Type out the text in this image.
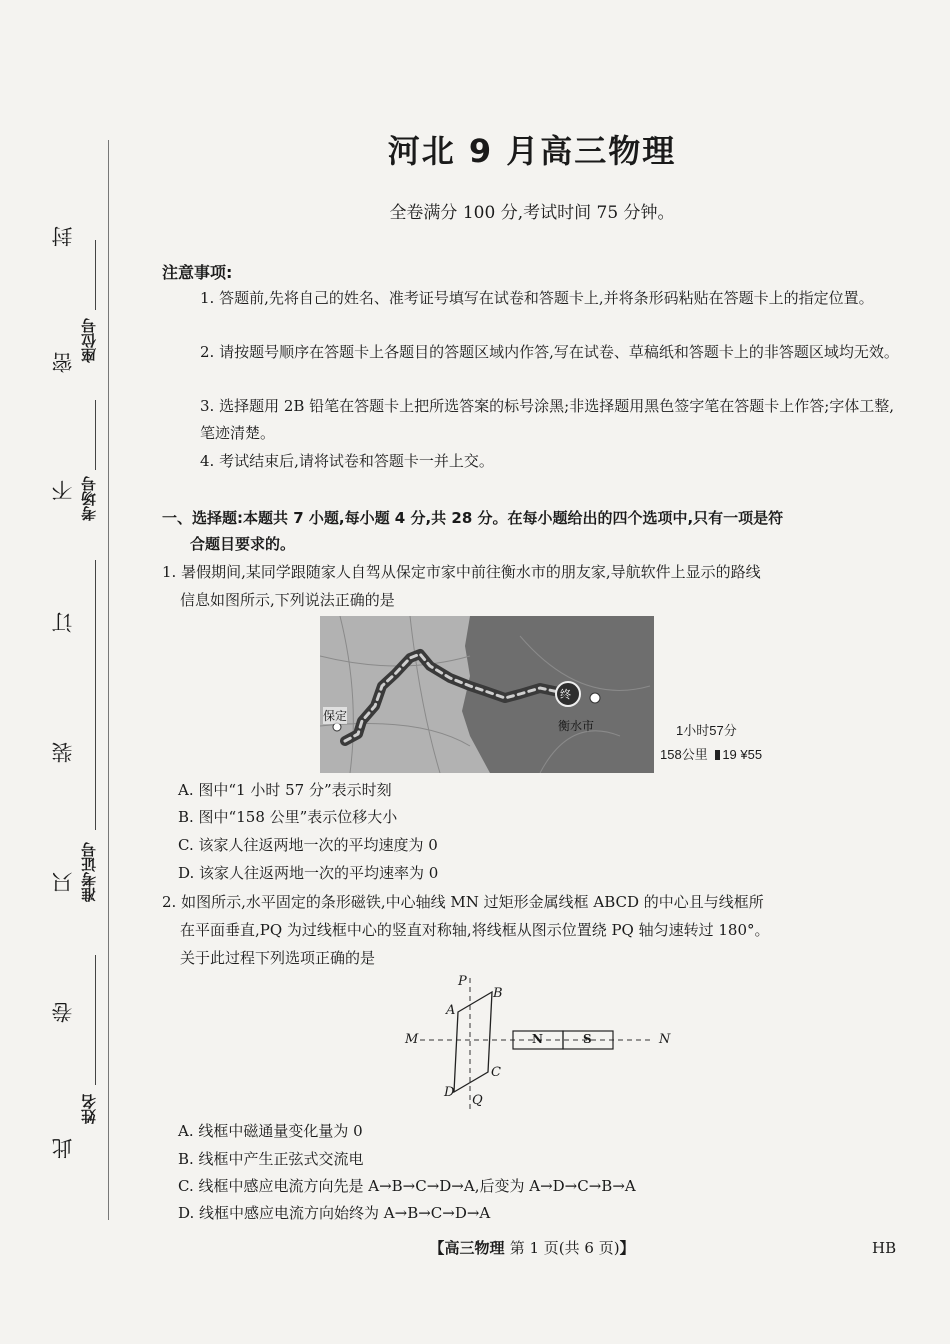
封
密
不
订
装
只
卷
此
座位号
考场号
准考证号
姓名
河北 9 月高三物理
全卷满分 100 分,考试时间 75 分钟。
注意事项:
1. 答题前,先将自己的姓名、准考证号填写在试卷和答题卡上,并将条形码粘贴在答题卡上的指定位置。
2. 请按题号顺序在答题卡上各题目的答题区域内作答,写在试卷、草稿纸和答题卡上的非答题区域均无效。
3. 选择题用 2B 铅笔在答题卡上把所选答案的标号涂黑;非选择题用黑色签字笔在答题卡上作答;字体工整,笔迹清楚。
4. 考试结束后,请将试卷和答题卡一并上交。
一、选择题:本题共 7 小题,每小题 4 分,共 28 分。在每小题给出的四个选项中,只有一项是符
合题目要求的。
1. 暑假期间,某同学跟随家人自驾从保定市家中前往衡水市的朋友家,导航软件上显示的路线
信息如图所示,下列说法正确的是
保定
终
衡水市	1小时57分
158公里 19 ¥55
A. 图中“1 小时 57 分”表示时刻
B. 图中“158 公里”表示位移大小
C. 该家人往返两地一次的平均速度为 0
D. 该家人往返两地一次的平均速率为 0
2. 如图所示,水平固定的条形磁铁,中心轴线 MN 过矩形金属线框 ABCD 的中心且与线框所
在平面垂直,PQ 为过线框中心的竖直对称轴,将线框从图示位置绕 PQ 轴匀速转过 180°。
关于此过程下列选项正确的是
P
Q
A
B
C
D
M	N
N	S
A. 线框中磁通量变化量为 0
B. 线框中产生正弦式交流电
C. 线框中感应电流方向先是 A→B→C→D→A,后变为 A→D→C→B→A
D. 线框中感应电流方向始终为 A→B→C→D→A
【高三物理 第 1 页(共 6 页)】	HB
